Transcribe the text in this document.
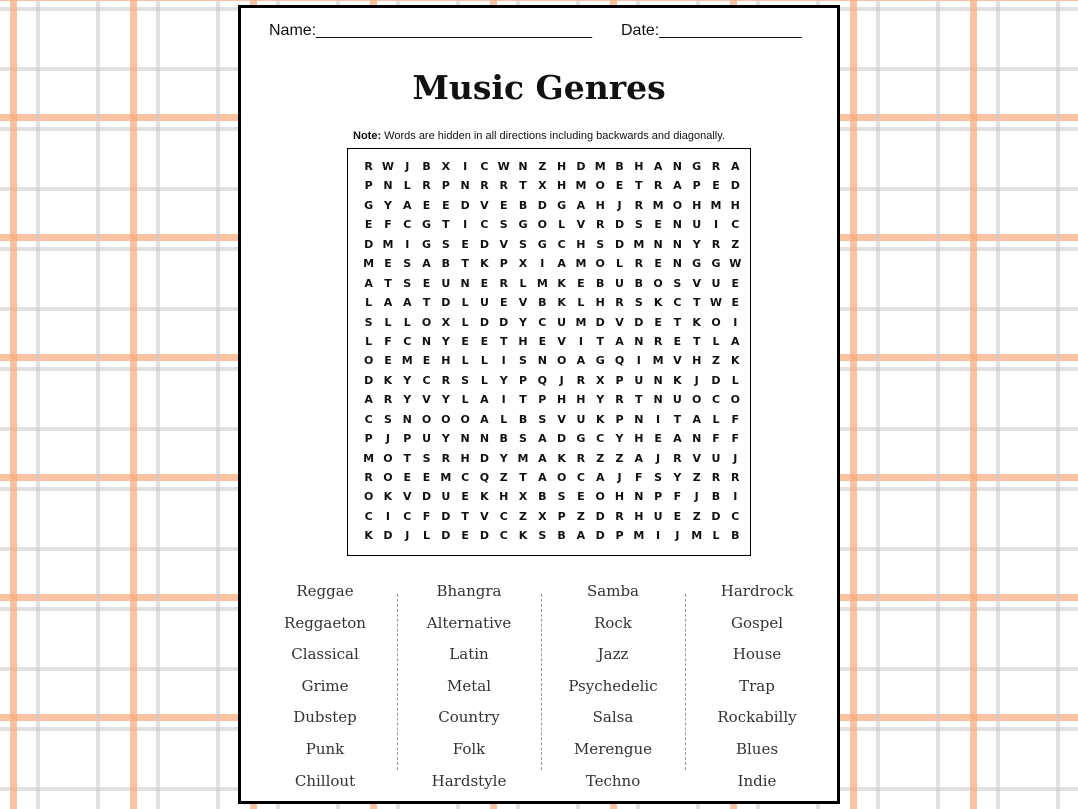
Name:_______________________________ Date:________________
Music Genres
Note: Words are hidden in all directions including backwards and diagonally.
R W	J	B X	I	C W N Z H D M B H A N G R A
P N	L	R	P N R R	T	X H M O E	T	R A	P	E D
G Y	A	E	E D V	E	B D G A H	J	R M O H M H
E	F	C G	T	I	C	S G O	L	V R D S	E N U	I	C
D M	I	G S	E D V	S G C H S D M N N Y	R	Z
M E	S	A B	T	K	P	X	I	A M O	L	R	E N G G W
A	T	S	E	U N E	R	L M K	E	B U B O S	V U	E
L	A A	T D	L	U	E	V B K	L	H R	S	K	C	T W E
S	L	L	O X	L	D D Y	C U M D V D E	T	K O	I
L	F	C N Y	E	E	T H E	V	I	T	A N R	E	T	L	A
O E M E H	L	L	I	S N O A G Q	I	M V H Z	K
D K	Y	C	R	S	L	Y	P Q	J	R X	P U N K	J	D	L
A R	Y	V	Y	L	A	I	T	P H H Y	R	T N U O C O
C	S N O O O A	L	B	S	V U K	P N	I	T	A	L	F
P	J	P U Y N N B	S	A D G C	Y H E	A N F	F
M O T	S	R H D Y M A K R	Z	Z	A	J	R V U	J
R O E	E M C Q Z	T	A O C	A	J	F	S	Y	Z	R R
O K V D U	E	K H X B	S	E O H N P	F	J	B	I
C	I	C	F D T	V	C	Z	X	P	Z D R H U	E	Z D C
K D	J	L	D E D C K	S	B A D P M	I	J	M L	B
Reggae
Reggaeton
Classical
Grime
Dubstep
Punk
Chillout
Bhangra
Alternative
Latin
Metal
Country
Folk
Hardstyle
Samba
Rock
Jazz
Psychedelic
Salsa
Merengue
Techno
Hardrock
Gospel
House
Trap
Rockabilly
Blues
Indie
